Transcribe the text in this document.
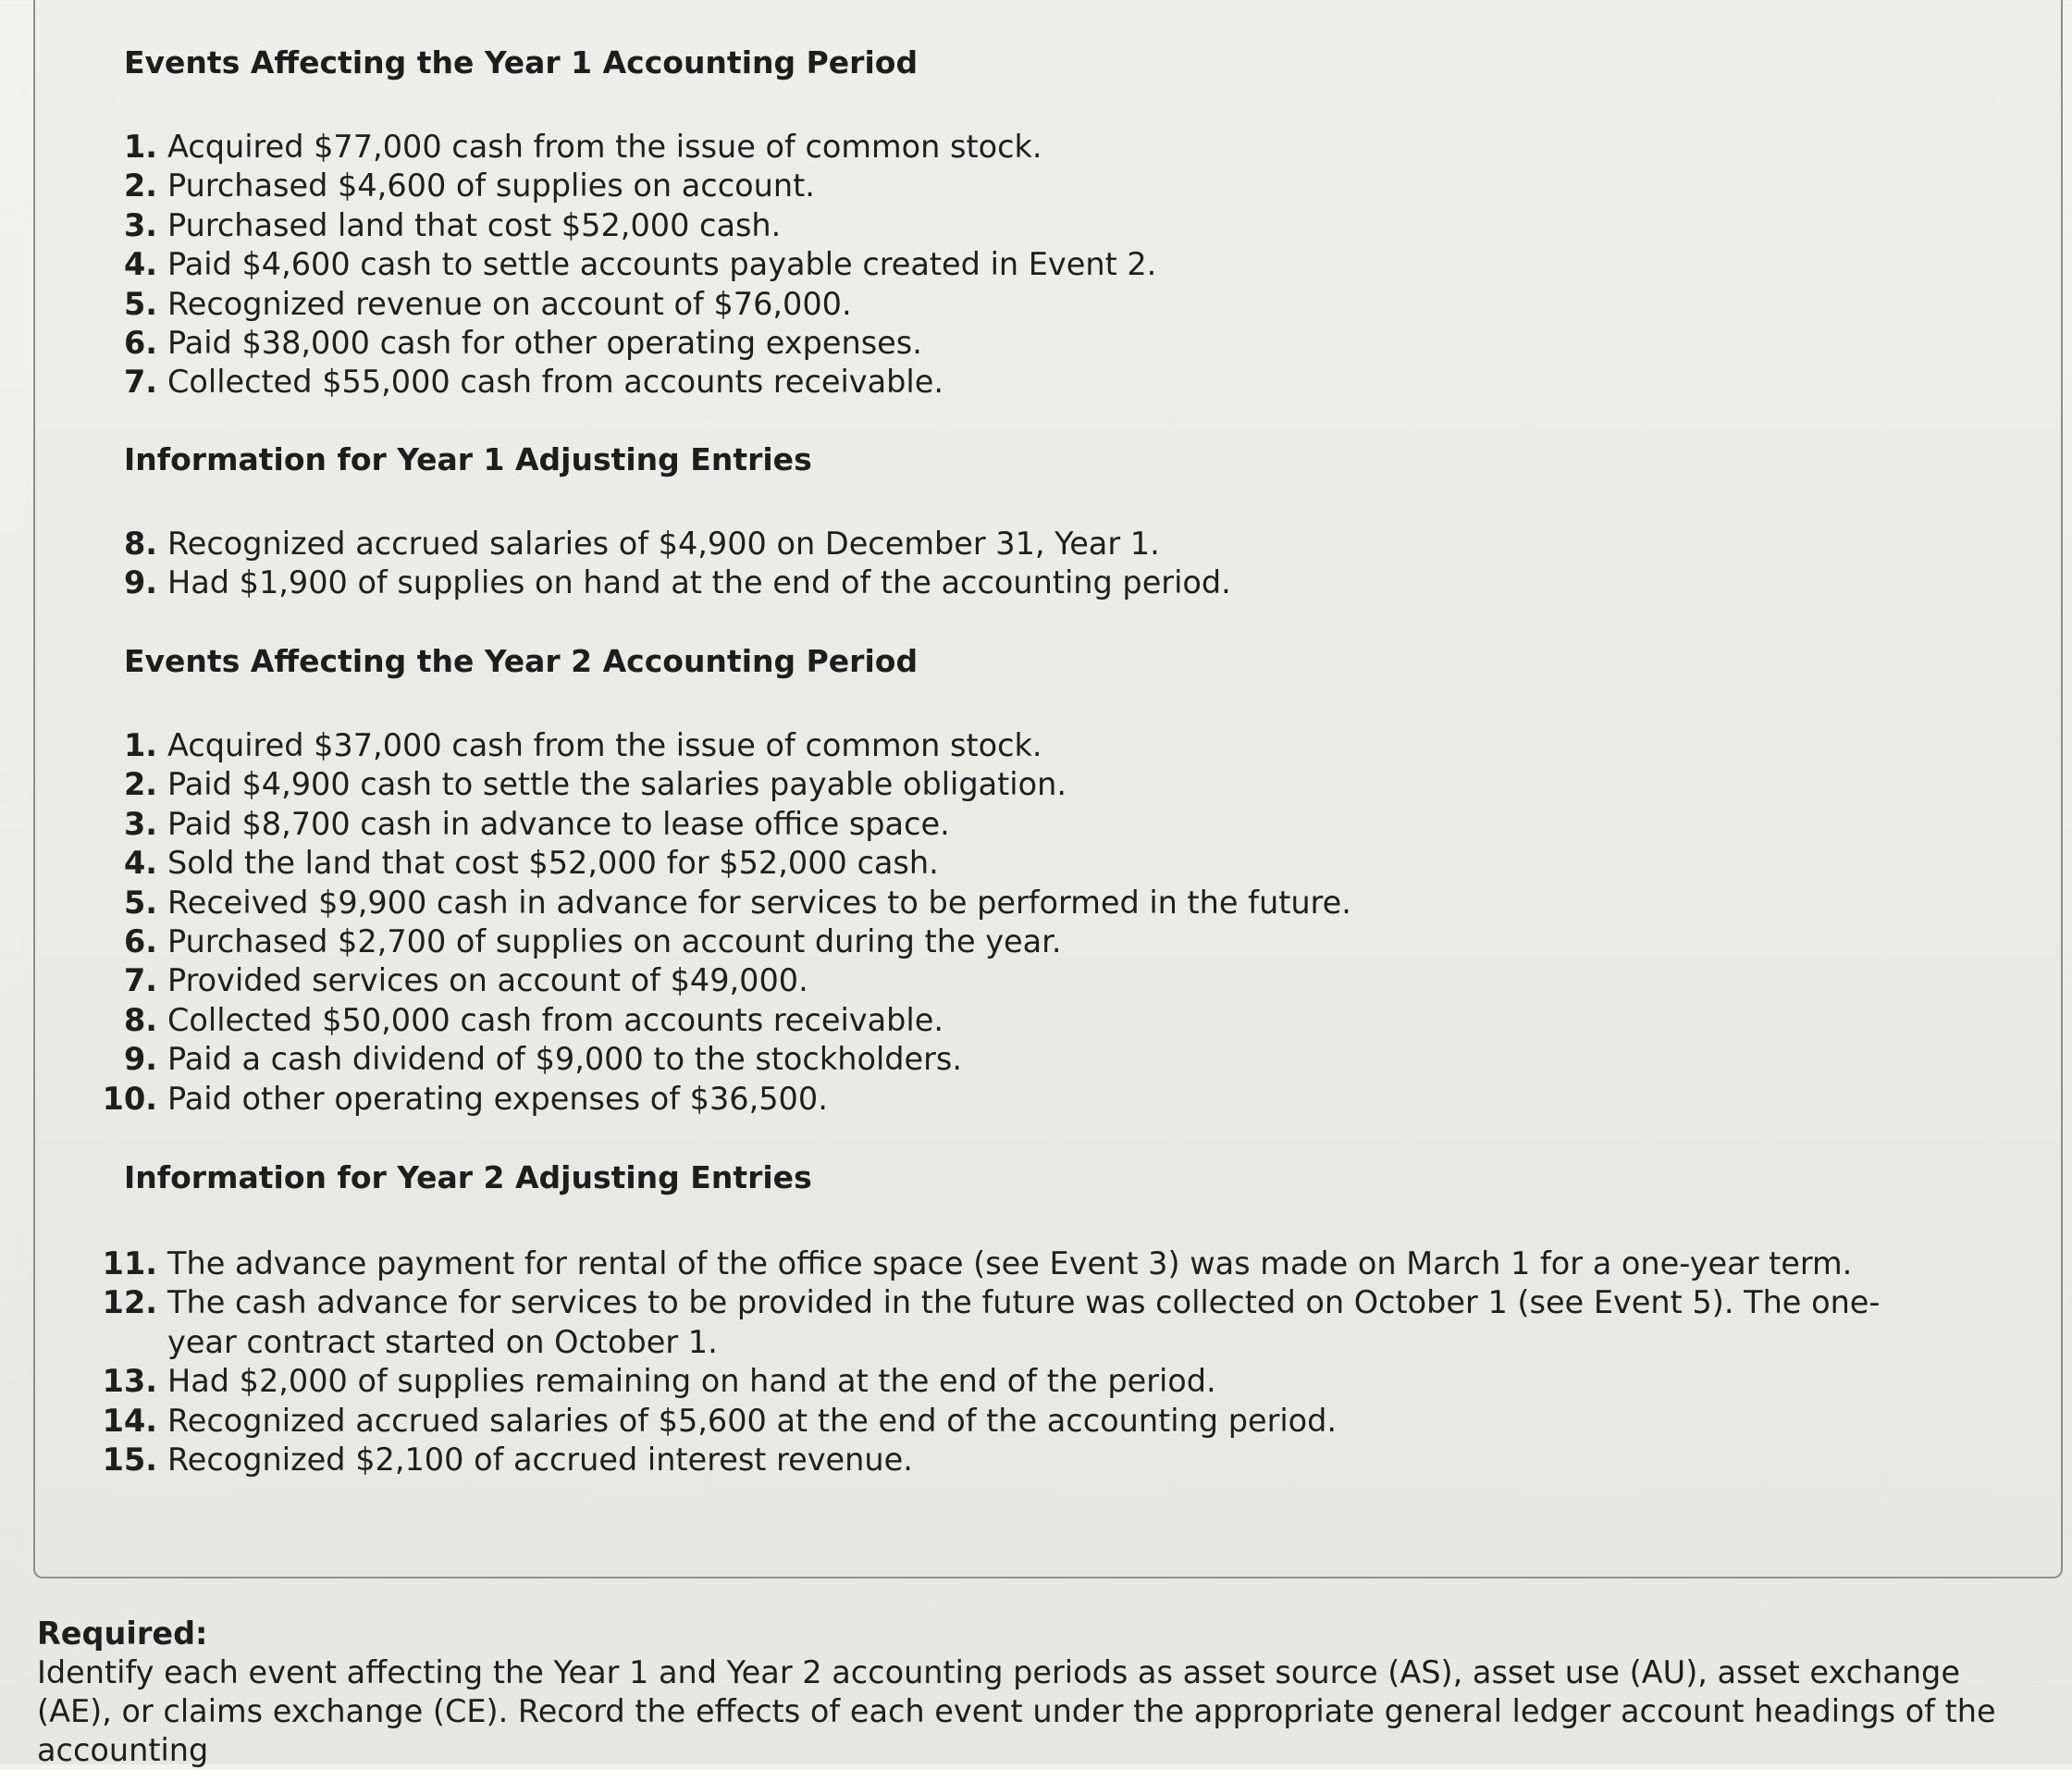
Events Affecting the Year 1 Accounting Period
1. Acquired $77,000 cash from the issue of common stock.
2. Purchased $4,600 of supplies on account.
3. Purchased land that cost $52,000 cash.
4. Paid $4,600 cash to settle accounts payable created in Event 2.
5. Recognized revenue on account of $76,000.
6. Paid $38,000 cash for other operating expenses.
7. Collected $55,000 cash from accounts receivable.
Information for Year 1 Adjusting Entries
8. Recognized accrued salaries of $4,900 on December 31, Year 1.
9. Had $1,900 of supplies on hand at the end of the accounting period.
Events Affecting the Year 2 Accounting Period
1. Acquired $37,000 cash from the issue of common stock.
2. Paid $4,900 cash to settle the salaries payable obligation.
3. Paid $8,700 cash in advance to lease office space.
4. Sold the land that cost $52,000 for $52,000 cash.
5. Received $9,900 cash in advance for services to be performed in the future.
6. Purchased $2,700 of supplies on account during the year.
7. Provided services on account of $49,000.
8. Collected $50,000 cash from accounts receivable.
9. Paid a cash dividend of $9,000 to the stockholders.
10. Paid other operating expenses of $36,500.
Information for Year 2 Adjusting Entries
11. The advance payment for rental of the office space (see Event 3) was made on March 1 for a one-year term.
12. The cash advance for services to be provided in the future was collected on October 1 (see Event 5). The one-year contract started on October 1.
13. Had $2,000 of supplies remaining on hand at the end of the period.
14. Recognized accrued salaries of $5,600 at the end of the accounting period.
15. Recognized $2,100 of accrued interest revenue.
Required:
Identify each event affecting the Year 1 and Year 2 accounting periods as asset source (AS), asset use (AU), asset exchange (AE), or claims exchange (CE). Record the effects of each event under the appropriate general ledger account headings of the accounting
